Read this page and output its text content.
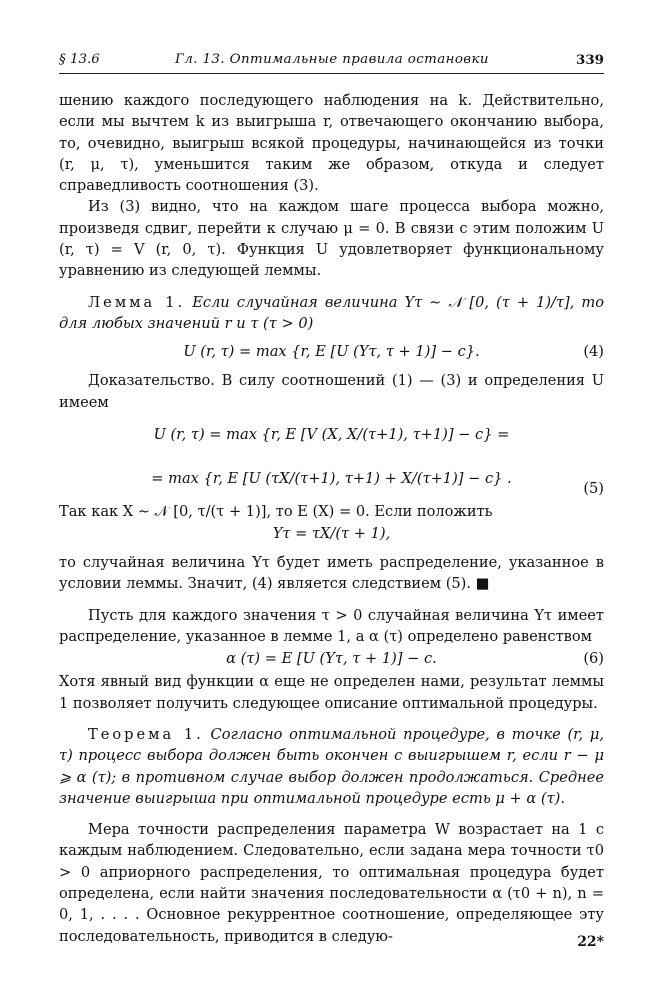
§ 13.6	Гл. 13. Оптимальные правила остановки	339

шению каждого последующего наблюдения на k. Действительно, если мы вычтем k из выигрыша r, отвечающего окончанию выбора, то, очевидно, выигрыш всякой процедуры, начинающейся из точки (r, μ, τ), уменьшится таким же образом, откуда и следует справедливость соотношения (3).

Из (3) видно, что на каждом шаге процесса выбора можно, произведя сдвиг, перейти к случаю μ = 0. В связи с этим положим U (r, τ) = V (r, 0, τ). Функция U удовлетворяет функциональному уравнению из следующей леммы.

Лемма 1. Если случайная величина Yτ ∼ 𝒩 [0, (τ + 1)/τ], то для любых значений r и τ (τ > 0)

U (r, τ) = max {r, E [U (Yτ, τ + 1)] − c}.	(4)

Доказательство. В силу соотношений (1) — (3) и определения U имеем

U (r, τ) = max {r, E [V (X, X/(τ+1), τ+1)] − c} =
= max {r, E [U (τX/(τ+1), τ+1) + X/(τ+1)] − c} .
(5)

Так как X ∼ 𝒩 [0, τ/(τ + 1)], то E (X) = 0. Если положить

Yτ = τX/(τ + 1),

то случайная величина Yτ будет иметь распределение, указанное в условии леммы. Значит, (4) является следствием (5). ■

Пусть для каждого значения τ > 0 случайная величина Yτ имеет распределение, указанное в лемме 1, а α (τ) определено равенством

α (τ) = E [U (Yτ, τ + 1)] − c.	(6)

Хотя явный вид функции α еще не определен нами, результат леммы 1 позволяет получить следующее описание оптимальной процедуры.

Теорема 1. Согласно оптимальной процедуре, в точке (r, μ, τ) процесс выбора должен быть окончен с выигрышем r, если r − μ ⩾ α (τ); в противном случае выбор должен продолжаться. Среднее значение выигрыша при оптимальной процедуре есть μ + α (τ).

Мера точности распределения параметра W возрастает на 1 с каждым наблюдением. Следовательно, если задана мера точности τ0 > 0 априорного распределения, то оптимальная процедура будет определена, если найти значения последовательности α (τ0 + n), n = 0, 1, . . . . Основное рекуррентное соотношение, определяющее эту последовательность, приводится в следую-	22*
